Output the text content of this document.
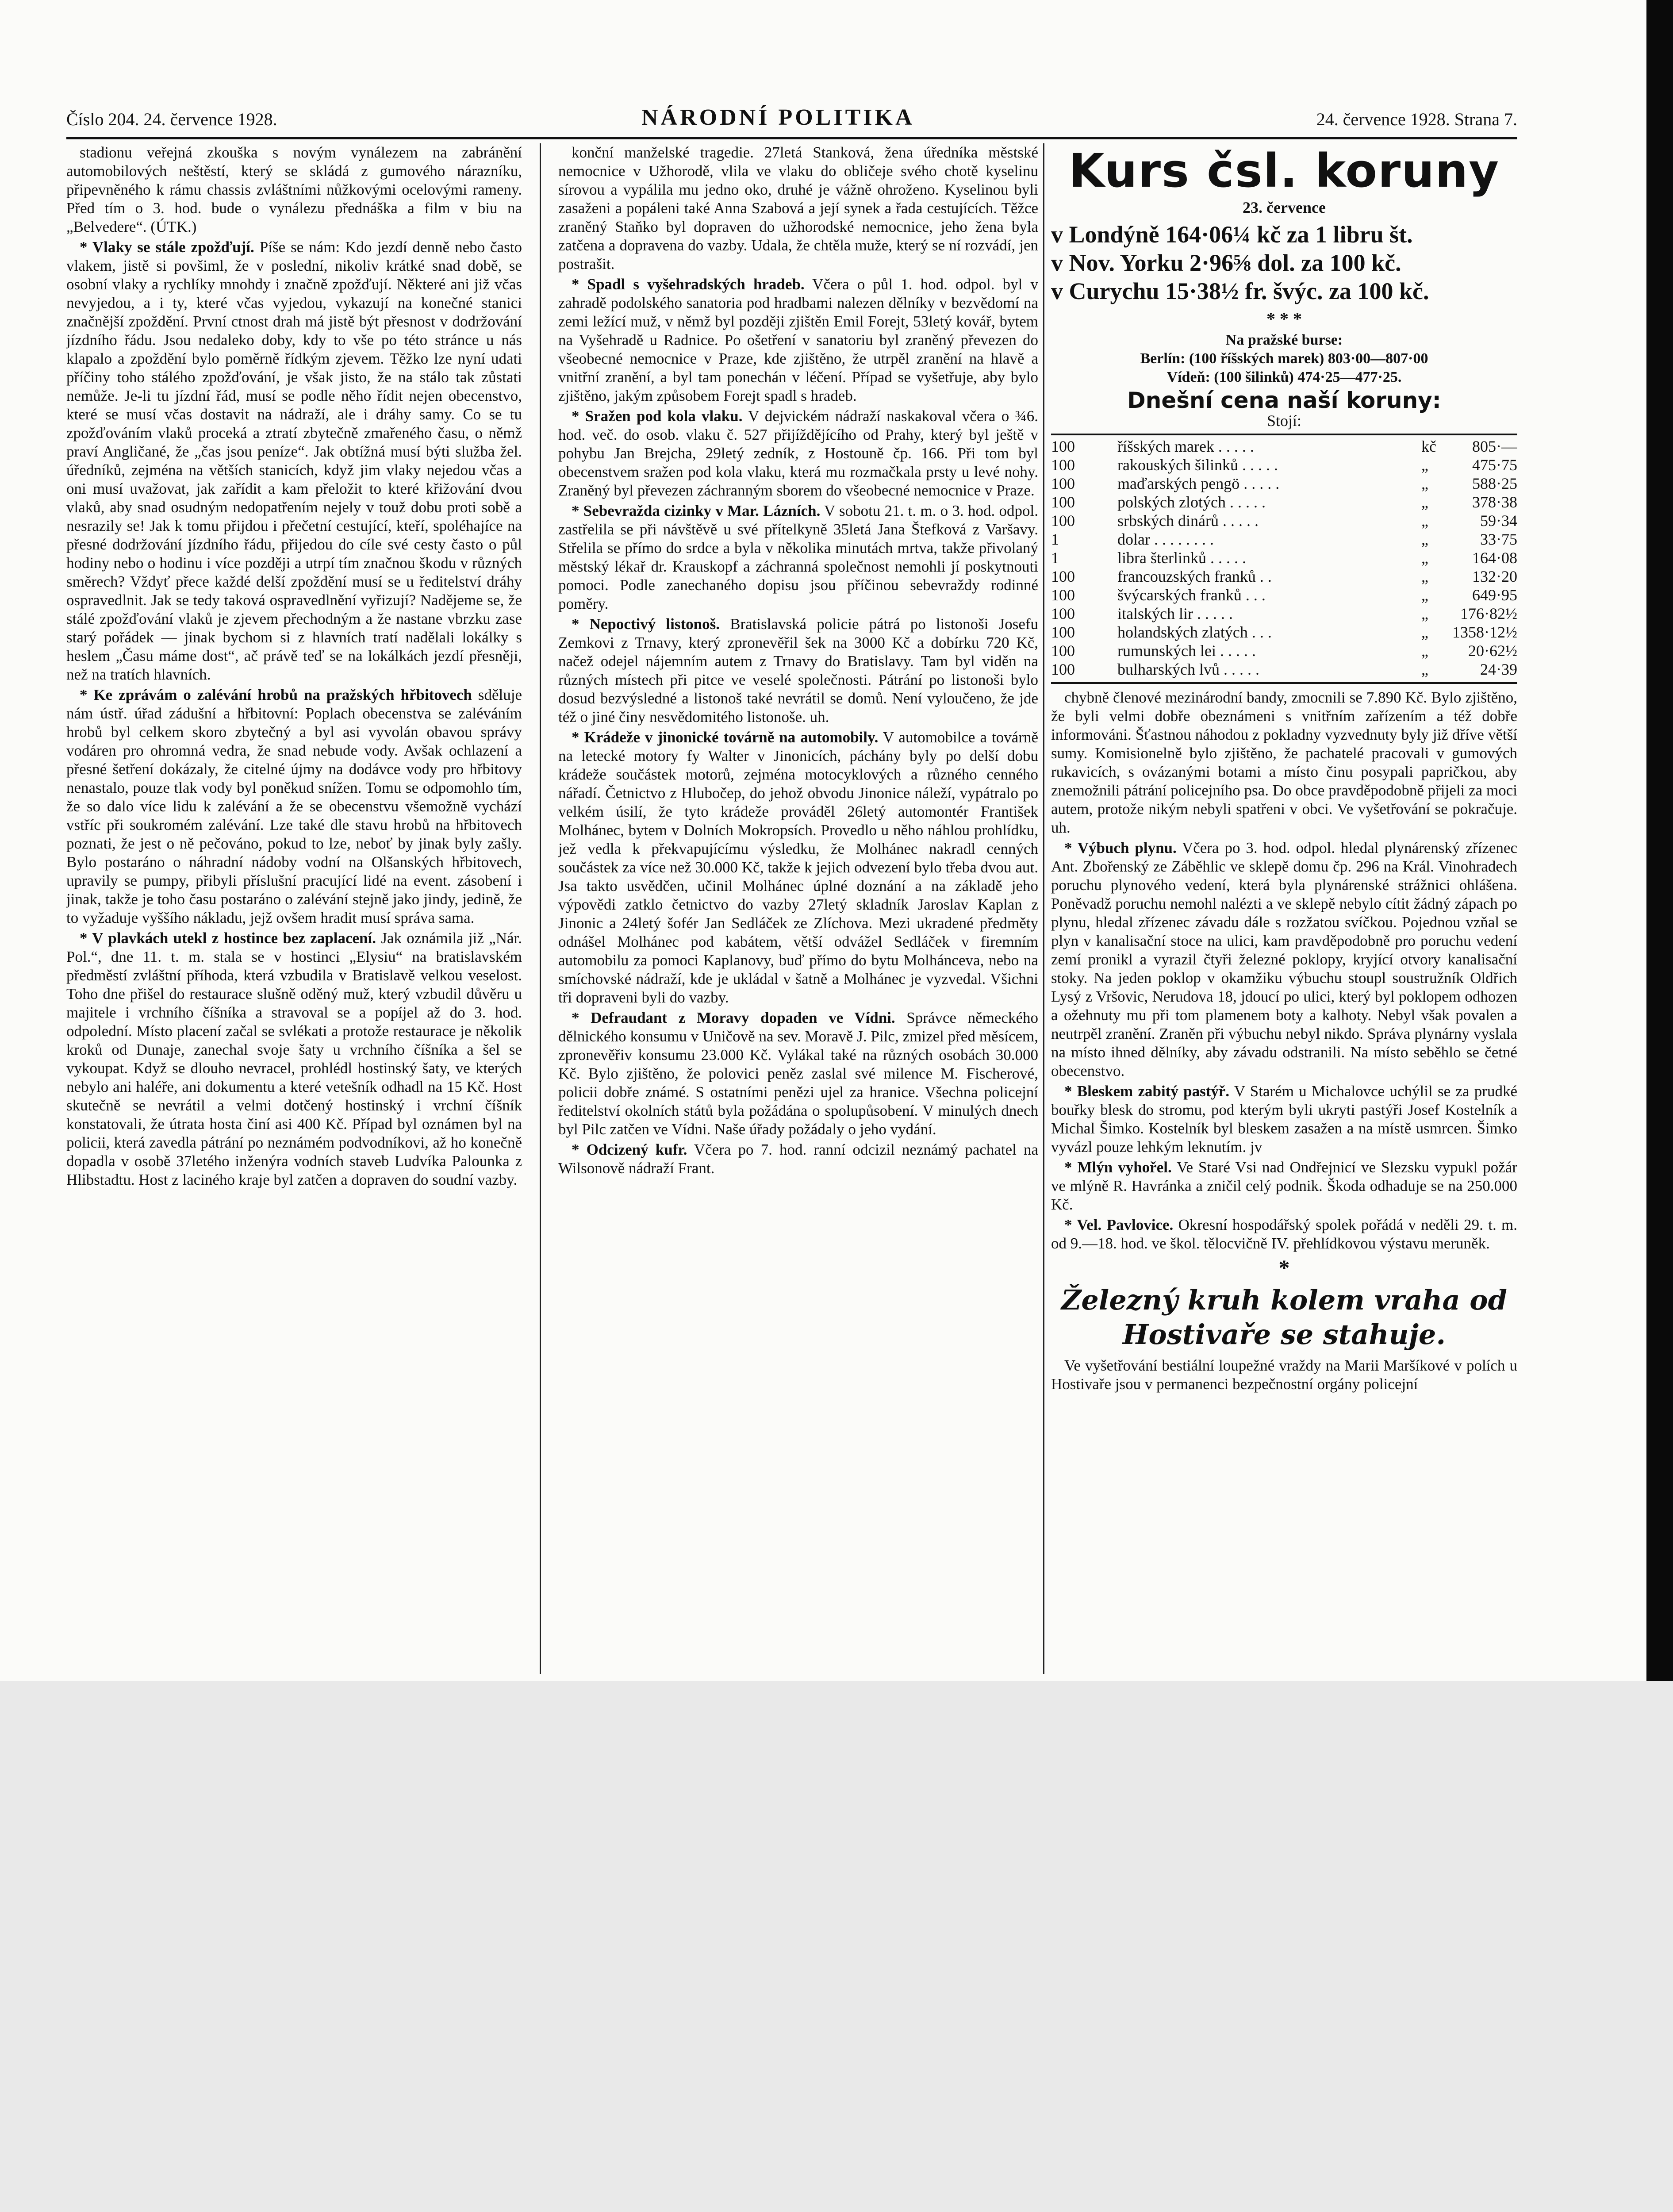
Číslo 204. 24. července 1928.	NÁRODNÍ POLITIKA	24. července 1928. Strana 7.

stadionu veřejná zkouška s novým vynálezem na zabránění automobilových neštěstí, který se skládá z gumového nárazníku, připevněného k rámu chassis zvláštními nůžkovými ocelovými rameny. Před tím o 3. hod. bude o vynálezu přednáška a film v biu na „Belvedere“. (ÚTK.)

* Vlaky se stále zpožďují. Píše se nám: Kdo jezdí denně nebo často vlakem, jistě si povšiml, že v poslední, nikoliv krátké snad době, se osobní vlaky a rychlíky mnohdy i značně zpožďují. Některé ani již včas nevyjedou, a i ty, které včas vyjedou, vykazují na konečné stanici značnější zpoždění. První ctnost drah má jistě být přesnost v dodržování jízdního řádu. Jsou nedaleko doby, kdy to vše po této stránce u nás klapalo a zpoždění bylo poměrně řídkým zjevem. Těžko lze nyní udati příčiny toho stálého zpožďování, je však jisto, že na stálo tak zůstati nemůže. Je-li tu jízdní řád, musí se podle něho řídit nejen obecenstvo, které se musí včas dostavit na nádraží, ale i dráhy samy. Co se tu zpožďováním vlaků proceká a ztratí zbytečně zmařeného času, o němž praví Angličané, že „čas jsou peníze“. Jak obtížná musí býti služba žel. úředníků, zejména na větších stanicích, když jim vlaky nejedou včas a oni musí uvažovat, jak zařídit a kam přeložit to které křižování dvou vlaků, aby snad osudným nedopatřením nejely v touž dobu proti sobě a nesrazily se! Jak k tomu přijdou i přečetní cestující, kteří, spoléhajíce na přesné dodržování jízdního řádu, přijedou do cíle své cesty často o půl hodiny nebo o hodinu i více později a utrpí tím značnou škodu v různých směrech? Vždyť přece každé delší zpoždění musí se u ředitelství dráhy ospravedlnit. Jak se tedy taková ospravedlnění vyřizují? Nadějeme se, že stálé zpožďování vlaků je zjevem přechodným a že nastane vbrzku zase starý pořádek — jinak bychom si z hlavních tratí nadělali lokálky s heslem „Času máme dost“, ač právě teď se na lokálkách jezdí přesněji, než na tratích hlavních.

* Ke zprávám o zalévání hrobů na pražských hřbitovech sděluje nám ústř. úřad zádušní a hřbitovní: Poplach obecenstva se zaléváním hrobů byl celkem skoro zbytečný a byl asi vyvolán obavou správy vodáren pro ohromná vedra, že snad nebude vody. Avšak ochlazení a přesné šetření dokázaly, že citelné újmy na dodávce vody pro hřbitovy nenastalo, pouze tlak vody byl poněkud snížen. Tomu se odpomohlo tím, že so dalo více lidu k zalévání a že se obecenstvu všemožně vychází vstříc při soukromém zalévání. Lze také dle stavu hrobů na hřbitovech poznati, že jest o ně pečováno, pokud to lze, neboť by jinak byly zašly. Bylo postaráno o náhradní nádoby vodní na Olšanských hřbitovech, upravily se pumpy, přibyli příslušní pracující lidé na event. zásobení i jinak, takže je toho času postaráno o zalévání stejně jako jindy, jedině, že to vyžaduje vyššího nákladu, jejž ovšem hradit musí správa sama.

* V plavkách utekl z hostince bez zaplacení. Jak oznámila již „Nár. Pol.“, dne 11. t. m. stala se v hostinci „Elysiu“ na bratislavském předměstí zvláštní příhoda, která vzbudila v Bratislavě velkou veselost. Toho dne přišel do restaurace slušně oděný muž, který vzbudil důvěru u majitele i vrchního číšníka a stravoval se a popíjel až do 3. hod. odpolední. Místo placení začal se svlékati a protože restaurace je několik kroků od Dunaje, zanechal svoje šaty u vrchního číšníka a šel se vykoupat. Když se dlouho nevracel, prohlédl hostinský šaty, ve kterých nebylo ani haléře, ani dokumentu a které vetešník odhadl na 15 Kč. Host skutečně se nevrátil a velmi dotčený hostinský i vrchní číšník konstatovali, že útrata hosta činí asi 400 Kč. Případ byl oznámen byl na policii, která zavedla pátrání po neznámém podvodníkovi, až ho konečně dopadla v osobě 37letého inženýra vodních staveb Ludvíka Palounka z Hlibstadtu. Host z laciného kraje byl zatčen a dopraven do soudní vazby.

konční manželské tragedie. 27letá Stanková, žena úředníka městské nemocnice v Užhorodě, vlila ve vlaku do obličeje svého chotě kyselinu sírovou a vypálila mu jedno oko, druhé je vážně ohroženo. Kyselinou byli zasaženi a popáleni také Anna Szabová a její synek a řada cestujících. Těžce zraněný Staňko byl dopraven do užhorodské nemocnice, jeho žena byla zatčena a dopravena do vazby. Udala, že chtěla muže, který se ní rozvádí, jen postrašit.

* Spadl s vyšehradských hradeb. Včera o půl 1. hod. odpol. byl v zahradě podolského sanatoria pod hradbami nalezen dělníky v bezvědomí na zemi ležící muž, v němž byl později zjištěn Emil Forejt, 53letý kovář, bytem na Vyšehradě u Radnice. Po ošetření v sanatoriu byl zraněný převezen do všeobecné nemocnice v Praze, kde zjištěno, že utrpěl zranění na hlavě a vnitřní zranění, a byl tam ponechán v léčení. Případ se vyšetřuje, aby bylo zjištěno, jakým způsobem Forejt spadl s hradeb.

* Sražen pod kola vlaku. V dejvickém nádraží naskakoval včera o ¾6. hod. več. do osob. vlaku č. 527 přijíždějícího od Prahy, který byl ještě v pohybu Jan Brejcha, 29letý zedník, z Hostouně čp. 166. Při tom byl obecenstvem sražen pod kola vlaku, která mu rozmačkala prsty u levé nohy. Zraněný byl převezen záchranným sborem do všeobecné nemocnice v Praze.

* Sebevražda cizinky v Mar. Lázních. V sobotu 21. t. m. o 3. hod. odpol. zastřelila se při návštěvě u své přítelkyně 35letá Jana Štefková z Varšavy. Střelila se přímo do srdce a byla v několika minutách mrtva, takže přivolaný městský lékař dr. Krauskopf a záchranná společnost nemohli jí poskytnouti pomoci. Podle zanechaného dopisu jsou příčinou sebevraždy rodinné poměry.

* Nepoctivý listonoš. Bratislavská policie pátrá po listonoši Josefu Zemkovi z Trnavy, který zpronevěřil šek na 3000 Kč a dobírku 720 Kč, načež odejel nájemním autem z Trnavy do Bratislavy. Tam byl viděn na různých místech při pitce ve veselé společnosti. Pátrání po listonoši bylo dosud bezvýsledné a listonoš také nevrátil se domů. Není vyloučeno, že jde též o jiné činy nesvědomitého listonoše. uh.

* Krádeže v jinonické továrně na automobily. V automobilce a továrně na letecké motory fy Walter v Jinonicích, páchány byly po delší dobu krádeže součástek motorů, zejména motocyklových a různého cenného nářadí. Četnictvo z Hlubočep, do jehož obvodu Jinonice náleží, vypátralo po velkém úsilí, že tyto krádeže prováděl 26letý automontér František Molhánec, bytem v Dolních Mokropsích. Provedlo u něho náhlou prohlídku, jež vedla k překvapujícímu výsledku, že Molhánec nakradl cenných součástek za více než 30.000 Kč, takže k jejich odvezení bylo třeba dvou aut. Jsa takto usvědčen, učinil Molhánec úplné doznání a na základě jeho výpovědi zatklo četnictvo do vazby 27letý skladník Jaroslav Kaplan z Jinonic a 24letý šofér Jan Sedláček ze Zlíchova. Mezi ukradené předměty odnášel Molhánec pod kabátem, větší odvážel Sedláček v firemním automobilu za pomoci Kaplanovy, buď přímo do bytu Molhánceva, nebo na smíchovské nádraží, kde je ukládal v šatně a Molhánec je vyzvedal. Všichni tři dopraveni byli do vazby.

* Defraudant z Moravy dopaden ve Vídni. Správce německého dělnického konsumu v Uničově na sev. Moravě J. Pilc, zmizel před měsícem, zpronevěřiv konsumu 23.000 Kč. Vylákal také na různých osobách 30.000 Kč. Bylo zjištěno, že polovici peněz zaslal své milence M. Fischerové, policii dobře známé. S ostatními penězi ujel za hranice. Všechna policejní ředitelství okolních států byla požádána o spolupůsobení. V minulých dnech byl Pilc zatčen ve Vídni. Naše úřady požádaly o jeho vydání.

* Odcizený kufr. Včera po 7. hod. ranní odcizil neznámý pachatel na Wilsonově nádraží Frant.

Kurs čsl. koruny
23. července
v Londýně 164·06¼ kč za 1 libru št.
v Nov. Yorku 2·96⅝ dol. za 100 kč.
v Curychu 15·38½ fr. švýc. za 100 kč.
* * *
Na pražské burse:
Berlín: (100 říšských marek) 803·00—807·00
Vídeň: (100 šilinků) 474·25—477·25.
Dnešní cena naší koruny:
Stojí:
100	říšských marek . . . . .	kč	805·—
100	rakouských šilinků . . . . .	„	475·75
100	maďarských pengö . . . . .	„	588·25
100	polských zlotých . . . . .	„	378·38
100	srbských dinárů . . . . .	„	59·34
1	dolar . . . . . . . .	„	33·75
1	libra šterlinků . . . . .	„	164·08
100	francouzských franků . .	„	132·20
100	švýcarských franků . . .	„	649·95
100	italských lir . . . . .	„	176·82½
100	holandských zlatých . . .	„	1358·12½
100	rumunských lei . . . . .	„	20·62½
100	bulharských lvů . . . . .	„	24·39

chybně členové mezinárodní bandy, zmocnili se 7.890 Kč. Bylo zjištěno, že byli velmi dobře obeznámeni s vnitřním zařízením a též dobře informováni. Šťastnou náhodou z pokladny vyzvednuty byly již dříve větší sumy. Komisionelně bylo zjištěno, že pachatelé pracovali v gumových rukavicích, s ovázanými botami a místo činu posypali papričkou, aby znemožnili pátrání policejního psa. Do obce pravděpodobně přijeli za moci autem, protože nikým nebyli spatřeni v obci. Ve vyšetřování se pokračuje. uh.

* Výbuch plynu. Včera po 3. hod. odpol. hledal plynárenský zřízenec Ant. Zbořenský ze Záběhlic ve sklepě domu čp. 296 na Král. Vinohradech poruchu plynového vedení, která byla plynárenské strážnici ohlášena. Poněvadž poruchu nemohl nalézti a ve sklepě nebylo cítit žádný zápach po plynu, hledal zřízenec závadu dále s rozžatou svíčkou. Pojednou vzňal se plyn v kanalisační stoce na ulici, kam pravděpodobně pro poruchu vedení zemí pronikl a vyrazil čtyři železné poklopy, kryjící otvory kanalisační stoky. Na jeden poklop v okamžiku výbuchu stoupl soustružník Oldřich Lysý z Vršovic, Nerudova 18, jdoucí po ulici, který byl poklopem odhozen a ožehnuty mu při tom plamenem boty a kalhoty. Nebyl však povalen a neutrpěl zranění. Zraněn při výbuchu nebyl nikdo. Správa plynárny vyslala na místo ihned dělníky, aby závadu odstranili. Na místo seběhlo se četné obecenstvo.

* Bleskem zabitý pastýř. V Starém u Michalovce uchýlil se za prudké bouřky blesk do stromu, pod kterým byli ukryti pastýři Josef Kostelník a Michal Šimko. Kostelník byl bleskem zasažen a na místě usmrcen. Šimko vyvázl pouze lehkým leknutím. jv

* Mlýn vyhořel. Ve Staré Vsi nad Ondřejnicí ve Slezsku vypukl požár ve mlýně R. Havránka a zničil celý podnik. Škoda odhaduje se na 250.000 Kč.

* Vel. Pavlovice. Okresní hospodářský spolek pořádá v neděli 29. t. m. od 9.—18. hod. ve škol. tělocvičně IV. přehlídkovou výstavu meruněk.

*
Železný kruh kolem vraha od Hostivaře se stahuje.

Ve vyšetřování bestiální loupežné vraždy na Marii Maršíkové v polích u Hostivaře jsou v permanenci bezpečnostní orgány policejní
